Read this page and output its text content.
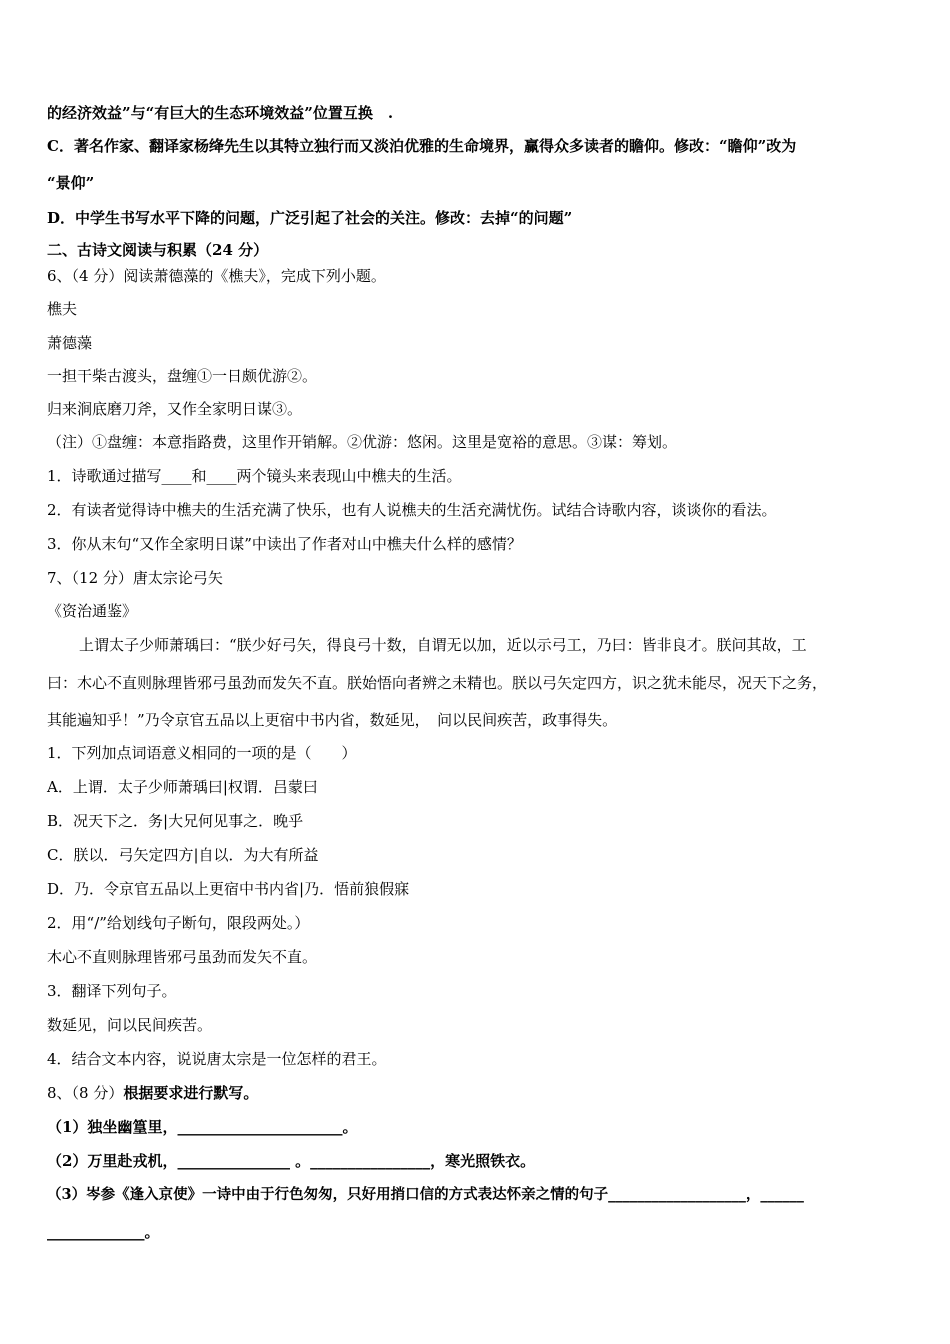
的经济效益”与“有巨大的生态环境效益”位置互换　.
C．著名作家、翻译家杨绛先生以其特立独行而又淡泊优雅的生命境界，赢得众多读者的瞻仰。修改：“瞻仰”改为
“景仰”
D．中学生书写水平下降的问题，广泛引起了社会的关注。修改：去掉“的问题”
二、古诗文阅读与积累（24 分）
6、（4 分）阅读萧德藻的《樵夫》，完成下列小题。
樵夫
萧德藻
一担干柴古渡头，盘缠①一日颇优游②。
归来涧底磨刀斧，又作全家明日谋③。
（注）①盘缠：本意指路费，这里作开销解。②优游：悠闲。这里是宽裕的意思。③谋：筹划。
1．诗歌通过描写____和____两个镜头来表现山中樵夫的生活。
2．有读者觉得诗中樵夫的生活充满了快乐，也有人说樵夫的生活充满忧伤。试结合诗歌内容，谈谈你的看法。
3．你从末句“又作全家明日谋”中读出了作者对山中樵夫什么样的感情？
7、（12 分）唐太宗论弓矢
《资治通鉴》
上谓太子少师萧瑀曰：“朕少好弓矢，得良弓十数，自谓无以加，近以示弓工，乃曰：皆非良才。朕问其故，工
曰：木心不直则脉理皆邪弓虽劲而发矢不直。朕始悟向者辨之未精也。朕以弓矢定四方，识之犹未能尽，况天下之务，
其能遍知乎！”乃令京官五品以上更宿中书内省，数延见，　问以民间疾苦，政事得失。
1．下列加点词语意义相同的一项的是（　　）
A．上谓．太子少师萧瑀曰|权谓．吕蒙曰
B．况天下之．务|大兄何见事之．晚乎
C．朕以．弓矢定四方|自以．为大有所益
D．乃．令京官五品以上更宿中书内省|乃．悟前狼假寐
2．用“/”给划线句子断句，限段两处。）
木心不直则脉理皆邪弓虽劲而发矢不直。
3．翻译下列句子。
数延见，问以民间疾苦。
4．结合文本内容，说说唐太宗是一位怎样的君王。
8、（8 分）根据要求进行默写。
（1）独坐幽篁里，______________________。
（2）万里赴戎机，_______________ 。________________，寒光照铁衣。
（3）岑参《逢入京使》一诗中由于行色匆匆，只好用捎口信的方式表达怀亲之情的句子___________________，______
_____________。
